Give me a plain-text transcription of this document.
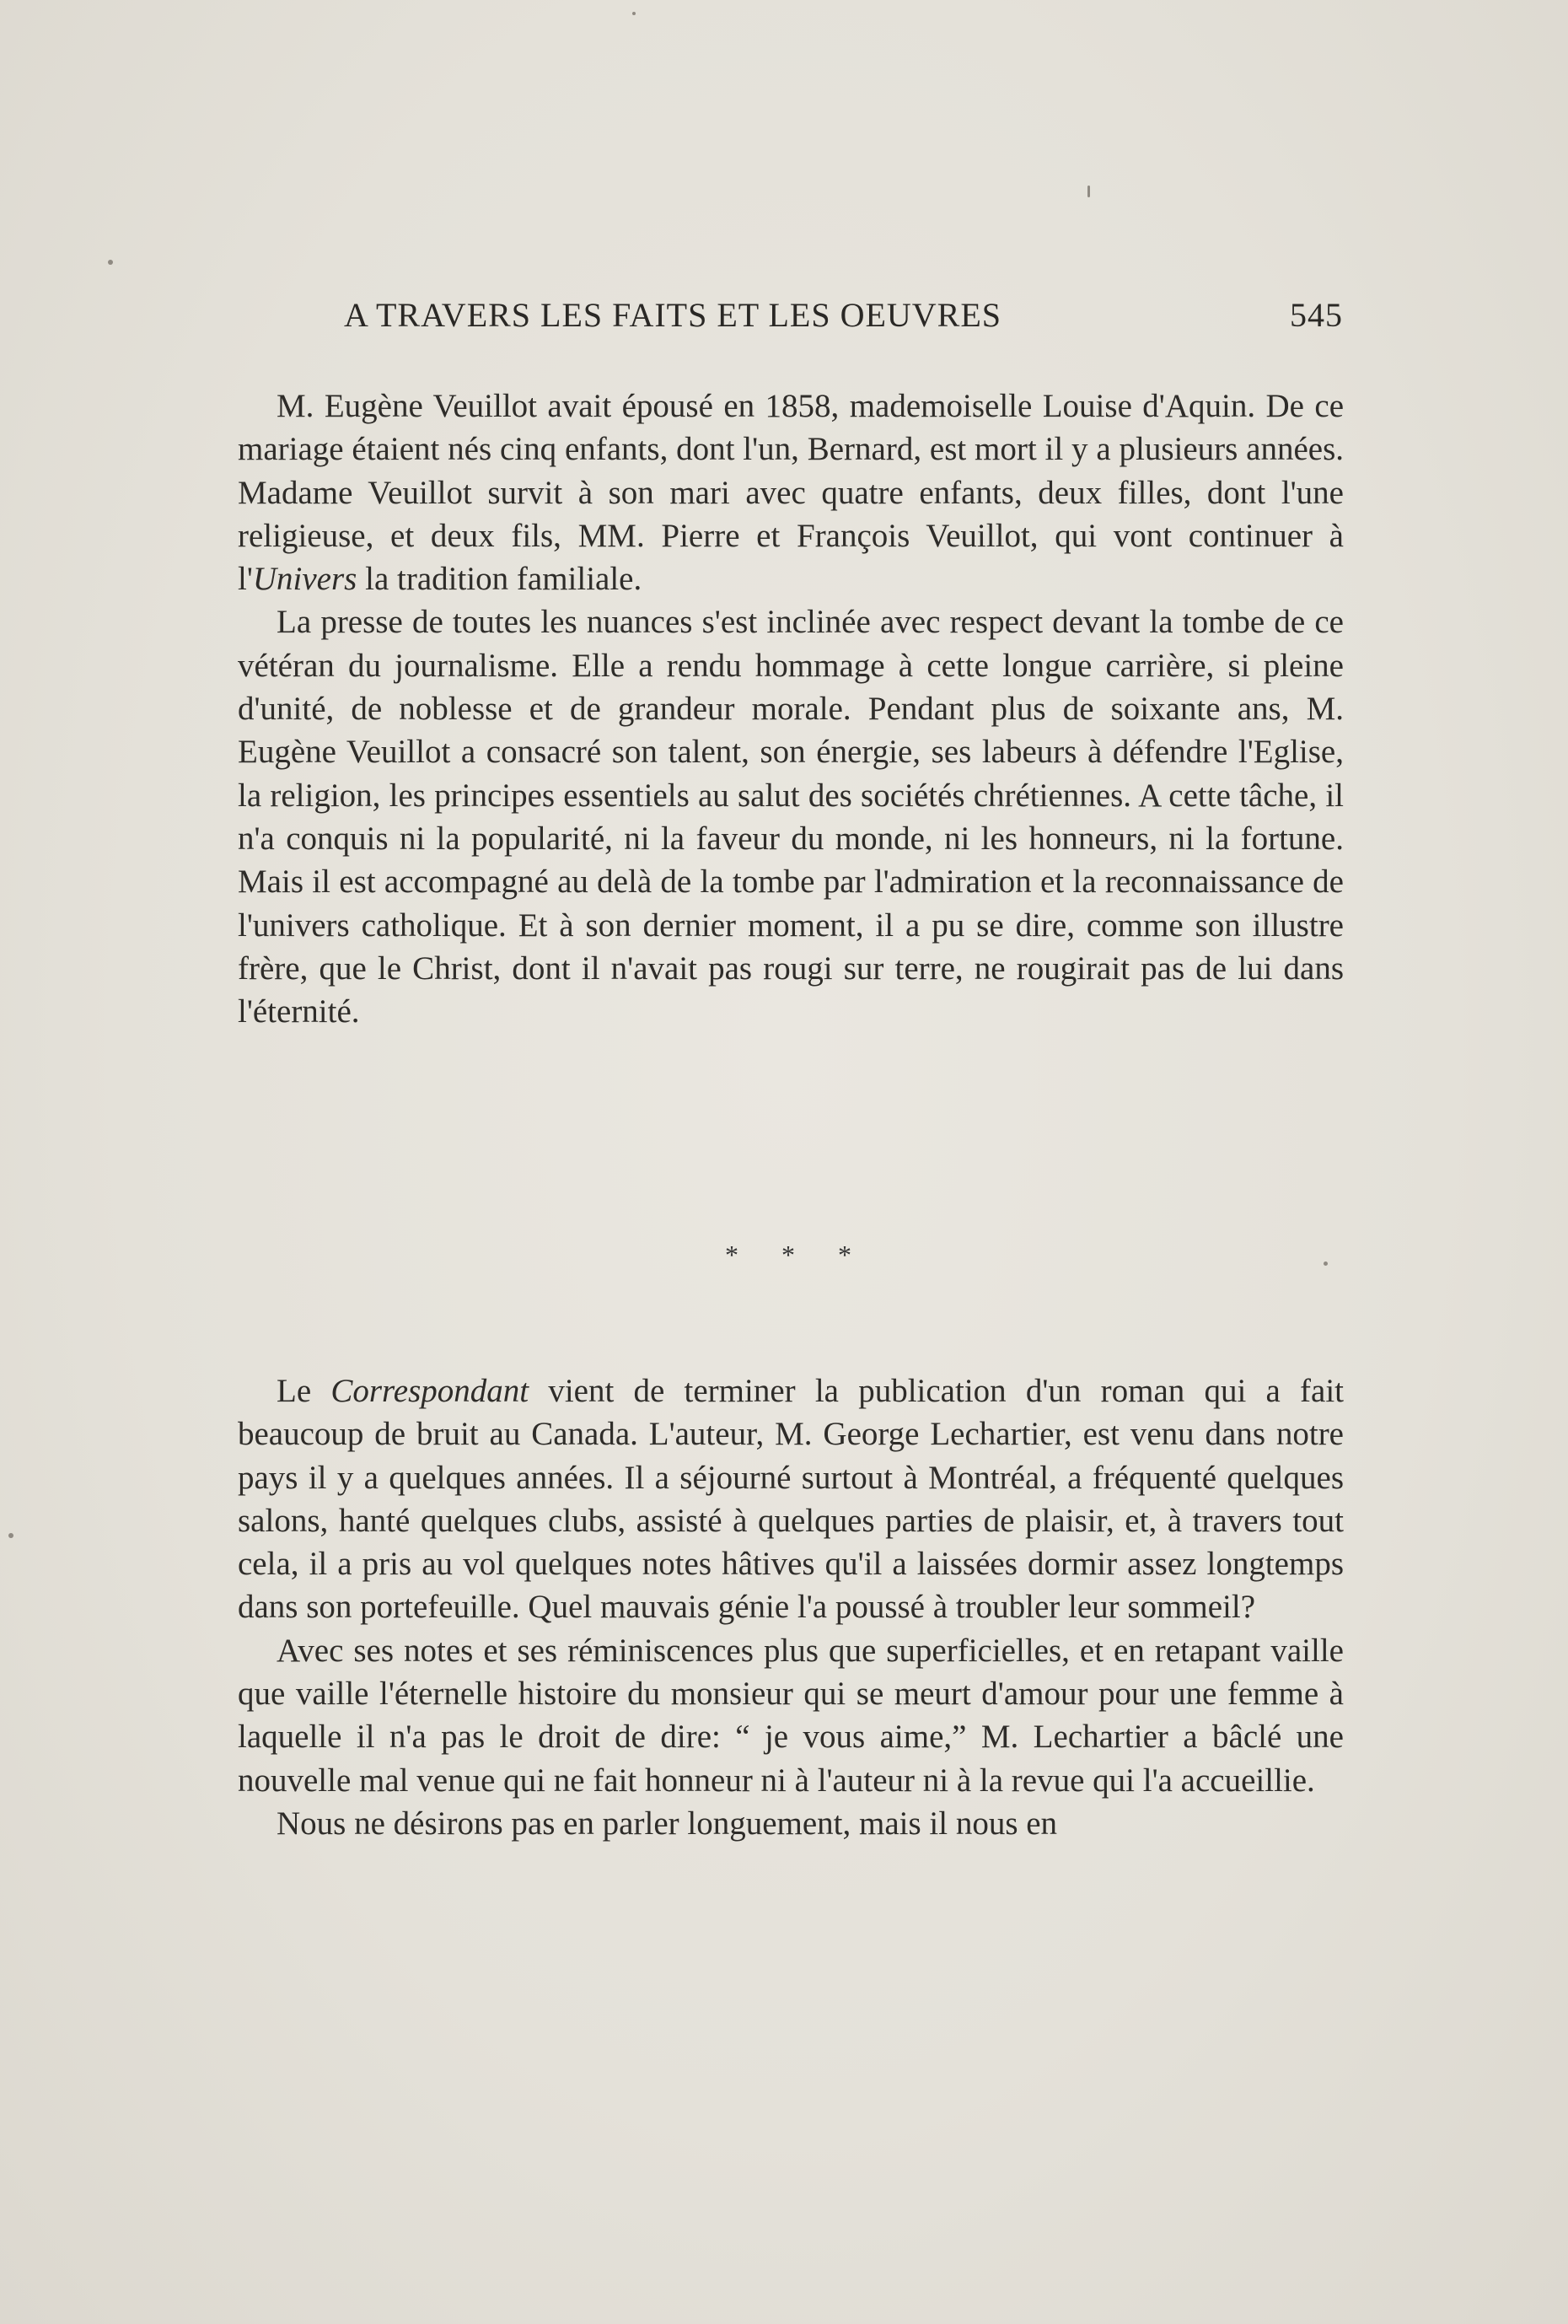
A TRAVERS LES FAITS ET LES OEUVRES	545

M. Eugène Veuillot avait épousé en 1858, mademoiselle Louise d'Aquin. De ce mariage étaient nés cinq enfants, dont l'un, Bernard, est mort il y a plusieurs années. Madame Veuillot survit à son mari avec quatre enfants, deux filles, dont l'une religieuse, et deux fils, MM. Pierre et François Veuillot, qui vont continuer à l'Univers la tradition familiale.

La presse de toutes les nuances s'est inclinée avec respect devant la tombe de ce vétéran du journalisme. Elle a rendu hommage à cette longue carrière, si pleine d'unité, de noblesse et de grandeur morale. Pendant plus de soixante ans, M. Eugène Veuillot a consacré son talent, son énergie, ses labeurs à défendre l'Eglise, la religion, les principes essentiels au salut des sociétés chrétiennes. A cette tâche, il n'a conquis ni la popularité, ni la faveur du monde, ni les honneurs, ni la fortune. Mais il est accompagné au delà de la tombe par l'admiration et la reconnaissance de l'univers catholique. Et à son dernier moment, il a pu se dire, comme son illustre frère, que le Christ, dont il n'avait pas rougi sur terre, ne rougirait pas de lui dans l'éternité.

* * *

Le Correspondant vient de terminer la publication d'un roman qui a fait beaucoup de bruit au Canada. L'auteur, M. George Lechartier, est venu dans notre pays il y a quelques années. Il a séjourné surtout à Montréal, a fréquenté quelques salons, hanté quelques clubs, assisté à quelques parties de plaisir, et, à travers tout cela, il a pris au vol quelques notes hâtives qu'il a laissées dormir assez longtemps dans son portefeuille. Quel mauvais génie l'a poussé à troubler leur sommeil?

Avec ses notes et ses réminiscences plus que superficielles, et en retapant vaille que vaille l'éternelle histoire du monsieur qui se meurt d'amour pour une femme à laquelle il n'a pas le droit de dire: “ je vous aime,” M. Lechartier a bâclé une nouvelle mal venue qui ne fait honneur ni à l'auteur ni à la revue qui l'a accueillie.

Nous ne désirons pas en parler longuement, mais il nous en
